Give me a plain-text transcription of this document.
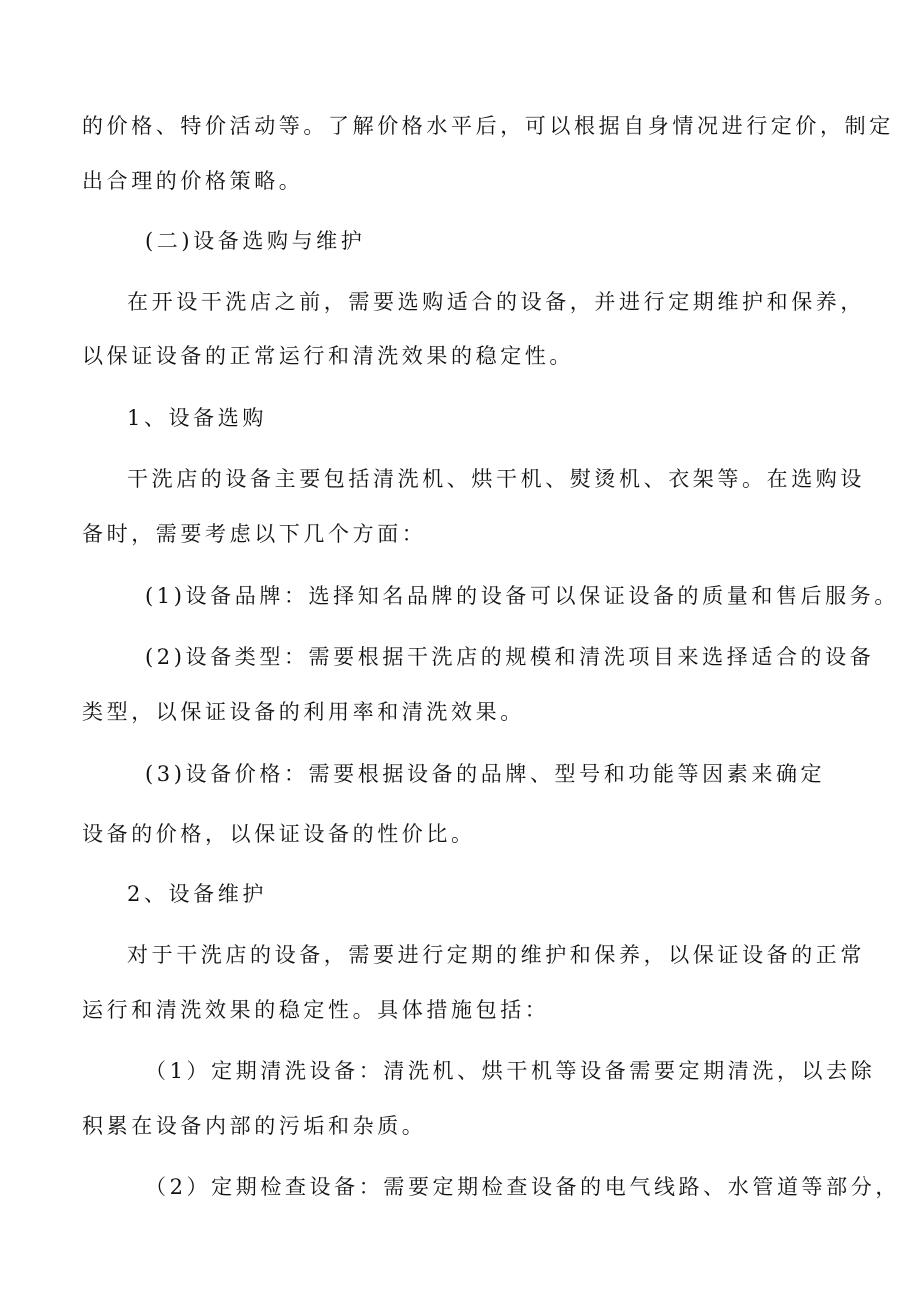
的价格、特价活动等。了解价格水平后，可以根据自身情况进行定价，制定

出合理的价格策略。

(二)设备选购与维护

在开设干洗店之前，需要选购适合的设备，并进行定期维护和保养，

以保证设备的正常运行和清洗效果的稳定性。

1、设备选购

干洗店的设备主要包括清洗机、烘干机、熨烫机、衣架等。在选购设

备时，需要考虑以下几个方面：

(1)设备品牌：选择知名品牌的设备可以保证设备的质量和售后服务。

(2)设备类型：需要根据干洗店的规模和清洗项目来选择适合的设备

类型，以保证设备的利用率和清洗效果。

(3)设备价格：需要根据设备的品牌、型号和功能等因素来确定

设备的价格，以保证设备的性价比。

2、设备维护

对于干洗店的设备，需要进行定期的维护和保养，以保证设备的正常

运行和清洗效果的稳定性。具体措施包括：

（1）定期清洗设备：清洗机、烘干机等设备需要定期清洗，以去除

积累在设备内部的污垢和杂质。

（2）定期检查设备：需要定期检查设备的电气线路、水管道等部分，
